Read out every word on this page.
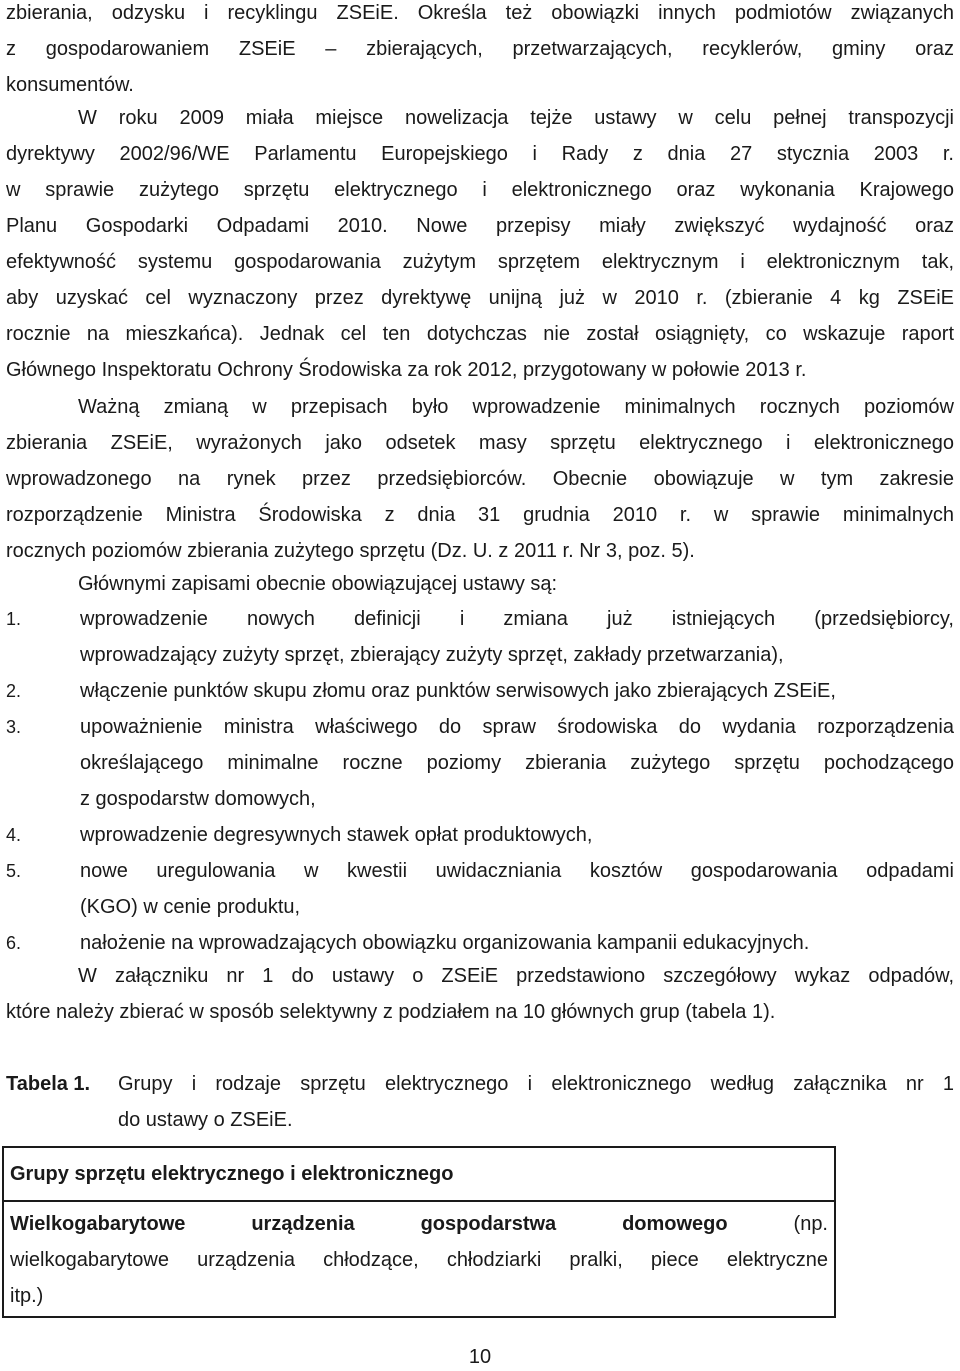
zbierania, odzysku i recyklingu ZSEiE. Określa też obowiązki innych podmiotów związanych
z gospodarowaniem ZSEiE – zbierających, przetwarzających, recyklerów, gminy oraz
konsumentów.
W roku 2009 miała miejsce nowelizacja tejże ustawy w celu pełnej transpozycji
dyrektywy 2002/96/WE Parlamentu Europejskiego i Rady z dnia 27 stycznia 2003 r.
w sprawie zużytego sprzętu elektrycznego i elektronicznego oraz wykonania Krajowego
Planu Gospodarki Odpadami 2010. Nowe przepisy miały zwiększyć wydajność oraz
efektywność systemu gospodarowania zużytym sprzętem elektrycznym i elektronicznym tak,
aby uzyskać cel wyznaczony przez dyrektywę unijną już w 2010 r. (zbieranie 4 kg ZSEiE
rocznie na mieszkańca). Jednak cel ten dotychczas nie został osiągnięty, co wskazuje raport
Głównego Inspektoratu Ochrony Środowiska za rok 2012, przygotowany w połowie 2013 r.
Ważną zmianą w przepisach było wprowadzenie minimalnych rocznych poziomów
zbierania ZSEiE, wyrażonych jako odsetek masy sprzętu elektrycznego i elektronicznego
wprowadzonego na rynek przez przedsiębiorców. Obecnie obowiązuje w tym zakresie
rozporządzenie Ministra Środowiska z dnia 31 grudnia 2010 r. w sprawie minimalnych
rocznych poziomów zbierania zużytego sprzętu (Dz. U. z 2011 r. Nr 3, poz. 5).
Głównymi zapisami obecnie obowiązującej ustawy są:
1.	wprowadzenie nowych definicji i zmiana już istniejących (przedsiębiorcy,
wprowadzający zużyty sprzęt, zbierający zużyty sprzęt, zakłady przetwarzania),
2.	włączenie punktów skupu złomu oraz punktów serwisowych jako zbierających ZSEiE,
3.	upoważnienie ministra właściwego do spraw środowiska do wydania rozporządzenia
określającego minimalne roczne poziomy zbierania zużytego sprzętu pochodzącego
z gospodarstw domowych,
4.	wprowadzenie degresywnych stawek opłat produktowych,
5.	nowe uregulowania w kwestii uwidaczniania kosztów gospodarowania odpadami
(KGO) w cenie produktu,
6.	nałożenie na wprowadzających obowiązku organizowania kampanii edukacyjnych.
W załączniku nr 1 do ustawy o ZSEiE przedstawiono szczegółowy wykaz odpadów,
które należy zbierać w sposób selektywny z podziałem na 10 głównych grup (tabela 1).
Tabela 1.	Grupy i rodzaje sprzętu elektrycznego i elektronicznego według załącznika nr 1
do ustawy o ZSEiE.
Grupy sprzętu elektrycznego i elektronicznego

Wielkogabarytowe urządzenia gospodarstwa domowego (np.
wielkogabarytowe urządzenia chłodzące, chłodziarki pralki, piece elektryczne
itp.)
10
